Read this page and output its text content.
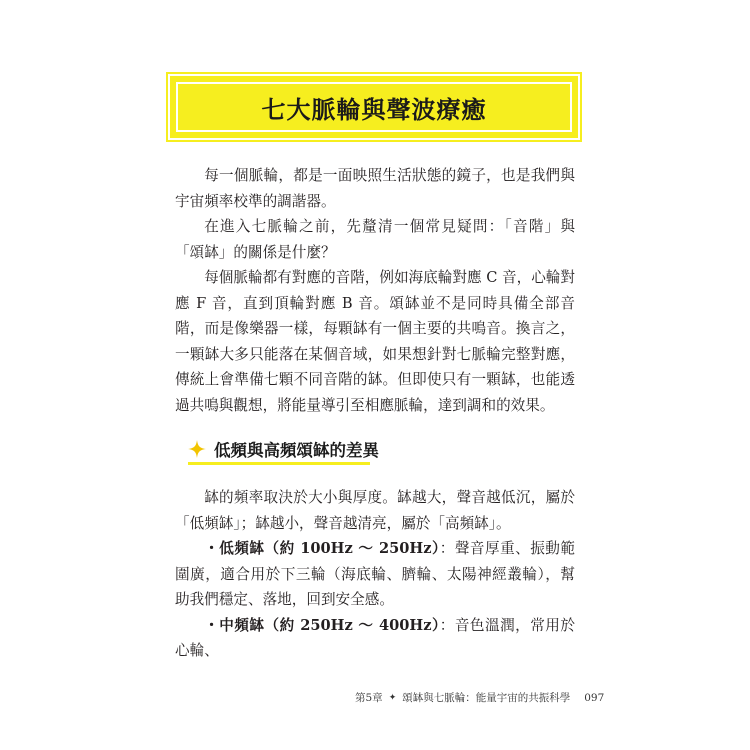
七大脈輪與聲波療癒

每一個脈輪，都是一面映照生活狀態的鏡子，也是我們與宇宙頻率校準的調諧器。

在進入七脈輪之前，先釐清一個常見疑問：「音階」與「頌缽」的關係是什麼？

每個脈輪都有對應的音階，例如海底輪對應 C 音，心輪對應 F 音，直到頂輪對應 B 音。頌缽並不是同時具備全部音階，而是像樂器一樣，每顆缽有一個主要的共鳴音。換言之，一顆缽大多只能落在某個音域，如果想針對七脈輪完整對應，傳統上會準備七顆不同音階的缽。但即使只有一顆缽，也能透過共鳴與觀想，將能量導引至相應脈輪，達到調和的效果。

低頻與高頻頌缽的差異

缽的頻率取決於大小與厚度。缽越大，聲音越低沉，屬於「低頻缽」；缽越小，聲音越清亮，屬於「高頻缽」。

・低頻缽（約 100Hz ～ 250Hz）：聲音厚重、振動範圍廣，適合用於下三輪（海底輪、臍輪、太陽神經叢輪），幫助我們穩定、落地，回到安全感。

・中頻缽（約 250Hz ～ 400Hz）：音色溫潤，常用於心輪、

第5章 ✦ 頌缽與七脈輪：能量宇宙的共振科學 097
